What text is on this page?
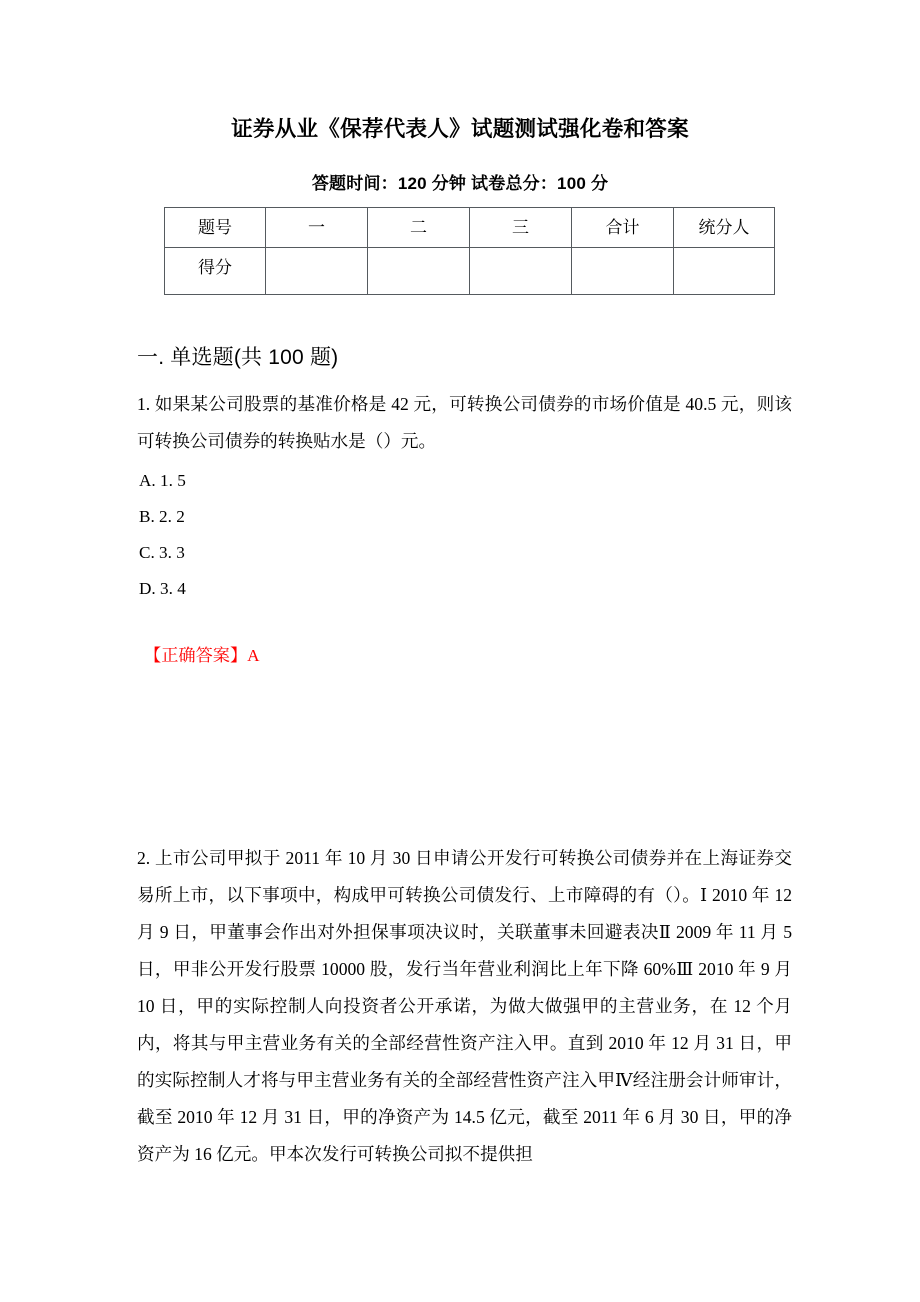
证券从业《保荐代表人》试题测试强化卷和答案
答题时间：120 分钟 试卷总分：100 分
题号	一	二	三	合计	统分人
得分					
一. 单选题(共 100 题)
1. 如果某公司股票的基准价格是 42 元，可转换公司债券的市场价值是 40.5 元，则该可转换公司债券的转换贴水是（）元。
A. 1. 5
B. 2. 2
C. 3. 3
D. 3. 4
【正确答案】A
2. 上市公司甲拟于 2011 年 10 月 30 日申请公开发行可转换公司债券并在上海证券交易所上市，以下事项中，构成甲可转换公司债发行、上市障碍的有（）。Ⅰ 2010 年 12 月 9 日，甲董事会作出对外担保事项决议时，关联董事未回避表决Ⅱ 2009 年 11 月 5 日，甲非公开发行股票 10000 股，发行当年营业利润比上年下降 60%Ⅲ 2010 年 9 月 10 日，甲的实际控制人向投资者公开承诺，为做大做强甲的主营业务，在 12 个月内，将其与甲主营业务有关的全部经营性资产注入甲。直到 2010 年 12 月 31 日，甲的实际控制人才将与甲主营业务有关的全部经营性资产注入甲Ⅳ经注册会计师审计，截至 2010 年 12 月 31 日，甲的净资产为 14.5 亿元，截至 2011 年 6 月 30 日，甲的净资产为 16 亿元。甲本次发行可转换公司拟不提供担
